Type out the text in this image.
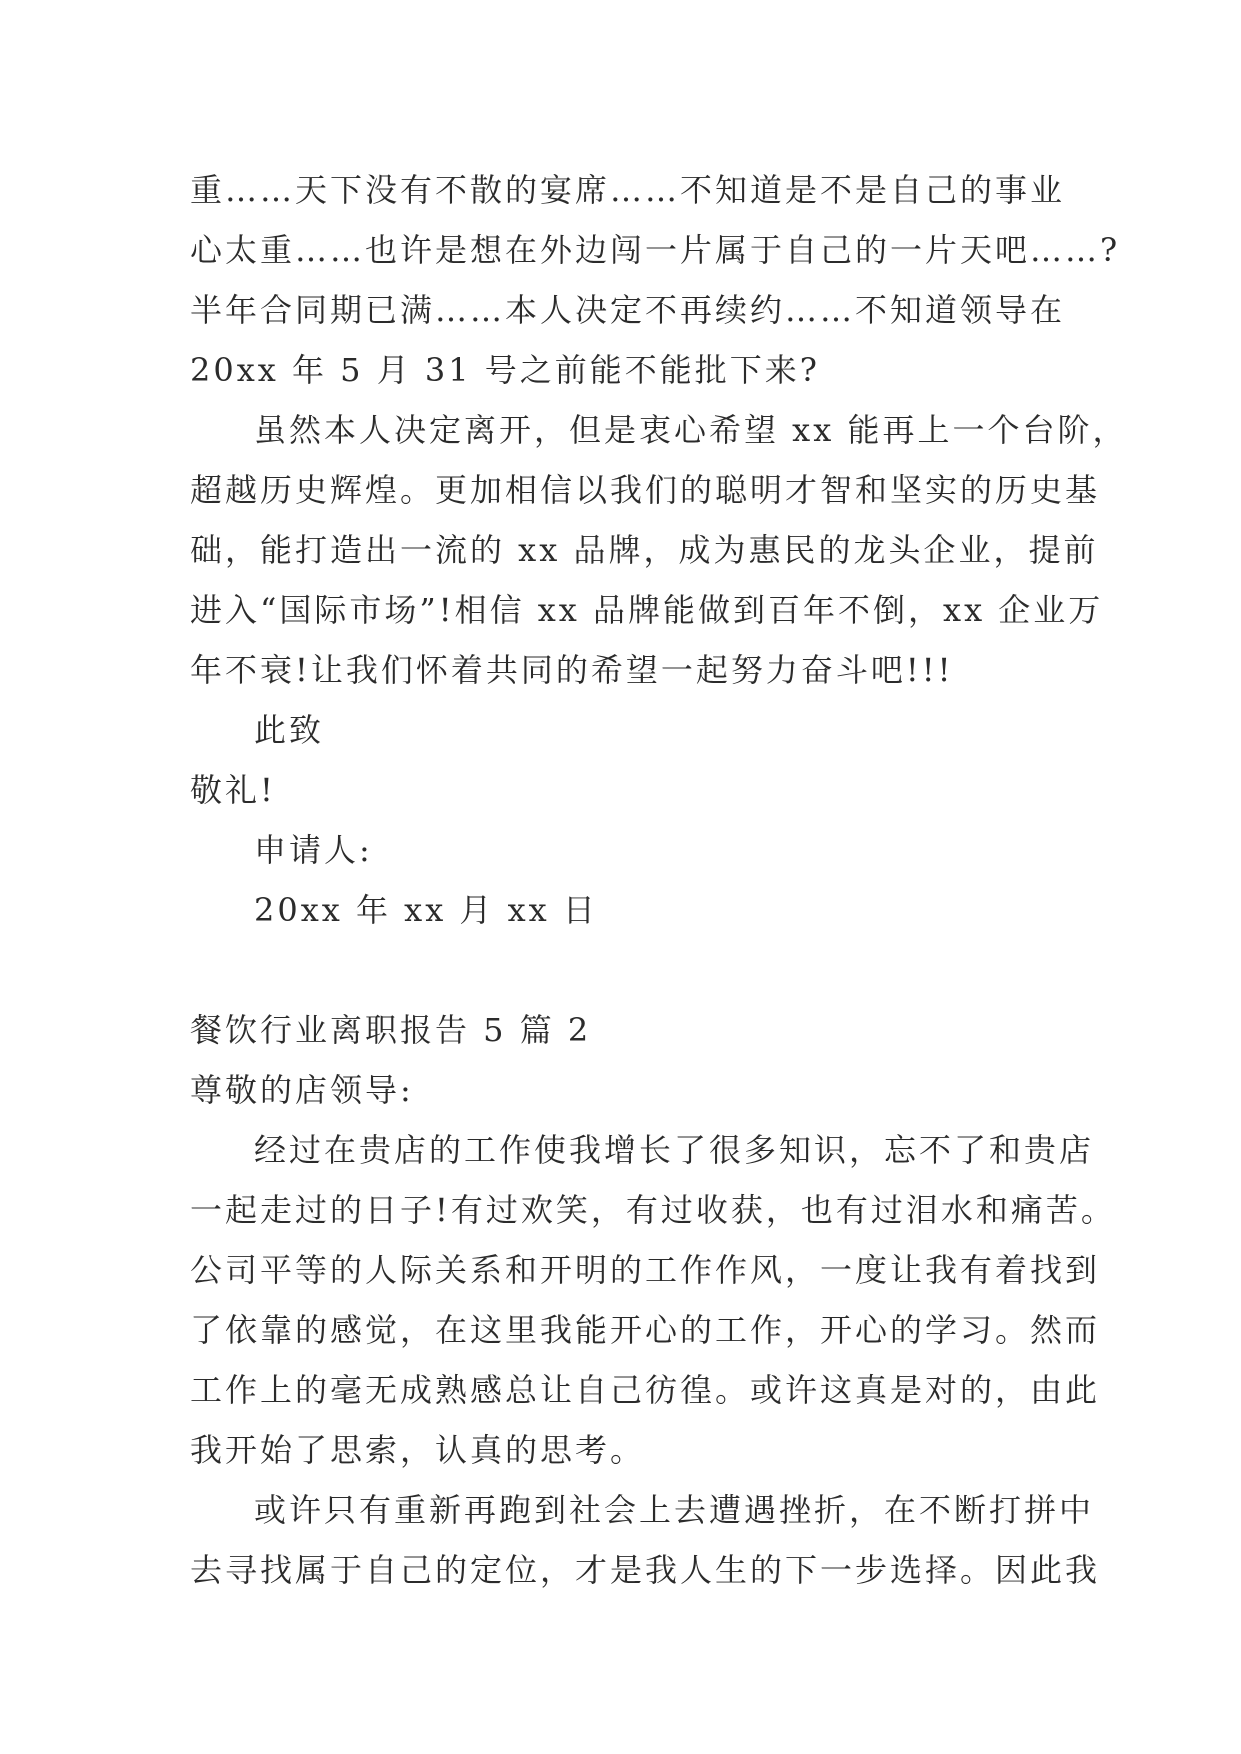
重……天下没有不散的宴席……不知道是不是自己的事业
心太重……也许是想在外边闯一片属于自己的一片天吧……?
半年合同期已满……本人决定不再续约……不知道领导在
20xx 年 5 月 31 号之前能不能批下来?
虽然本人决定离开，但是衷心希望 xx 能再上一个台阶，
超越历史辉煌。更加相信以我们的聪明才智和坚实的历史基
础，能打造出一流的 xx 品牌，成为惠民的龙头企业，提前
进入“国际市场”!相信 xx 品牌能做到百年不倒，xx 企业万
年不衰!让我们怀着共同的希望一起努力奋斗吧!!!
此致
敬礼!
申请人:
20xx 年 xx 月 xx 日
餐饮行业离职报告 5 篇 2
尊敬的店领导:
经过在贵店的工作使我增长了很多知识，忘不了和贵店
一起走过的日子!有过欢笑，有过收获，也有过泪水和痛苦。
公司平等的人际关系和开明的工作作风，一度让我有着找到
了依靠的感觉，在这里我能开心的工作，开心的学习。然而
工作上的毫无成熟感总让自己彷徨。或许这真是对的，由此
我开始了思索，认真的思考。
或许只有重新再跑到社会上去遭遇挫折，在不断打拼中
去寻找属于自己的定位，才是我人生的下一步选择。因此我
